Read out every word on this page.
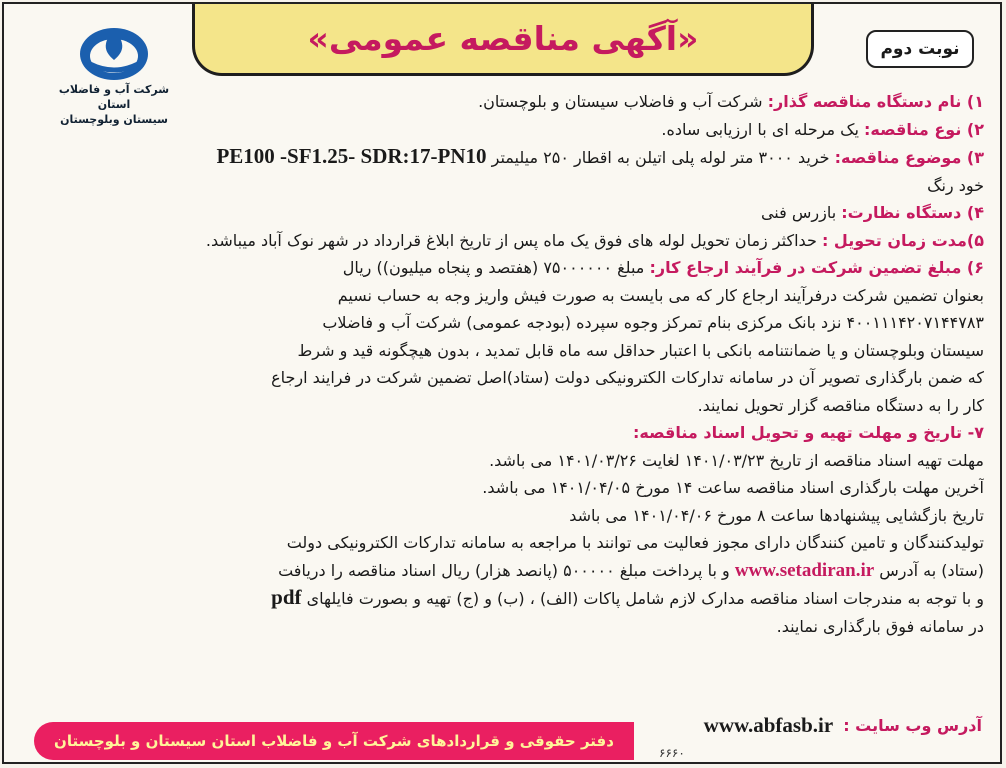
«آگهی مناقصه عمومی»	نوبت دوم
شرکت آب و فاضلاب استان
سیستان وبلوچستان
۱) نام دستگاه مناقصه گذار: شرکت آب و فاضلاب سیستان و بلوچستان.
۲) نوع مناقصه: یک مرحله ای با ارزیابی ساده.
۳) موضوع مناقصه: خرید ۳۰۰۰ متر لوله پلی اتیلن به اقطار ۲۵۰ میلیمتر PE100 -SF1.25- SDR:17-PN10
خود رنگ
۴) دستگاه نظارت: بازرس فنی
۵)مدت زمان تحویل : حداکثر زمان تحویل لوله های فوق یک ماه پس از تاریخ ابلاغ قرارداد در شهر نوک آباد میباشد.
۶) مبلغ تضمین شرکت در فرآیند ارجاع کار: مبلغ ۷۵۰۰۰۰۰۰ (هفتصد و پنجاه میلیون)) ریال
بعنوان تضمین شرکت درفرآیند ارجاع کار که می بایست به صورت فیش واریز وجه به حساب نسیم
۴۰۰۱۱۱۴۲۰۷۱۴۴۷۸۳ نزد بانک مرکزی بنام تمرکز وجوه سپرده (بودجه عمومی) شرکت آب و فاضلاب
سیستان وبلوچستان و یا ضمانتنامه بانکی با اعتبار حداقل سه ماه قابل تمدید ، بدون هیچگونه قید و شرط
که ضمن بارگذاری تصویر آن در سامانه تدارکات الکترونیکی دولت (ستاد)اصل تضمین شرکت در فرایند ارجاع
کار را به دستگاه مناقصه گزار تحویل نمایند.
۷- تاریخ و مهلت تهیه و تحویل اسناد مناقصه:
مهلت تهیه اسناد مناقصه از تاریخ ۱۴۰۱/۰۳/۲۳ لغایت ۱۴۰۱/۰۳/۲۶ می باشد.
آخرین مهلت بارگذاری اسناد مناقصه ساعت ۱۴ مورخ ۱۴۰۱/۰۴/۰۵ می باشد.
تاریخ بازگشایی پیشنهادها ساعت ۸ مورخ ۱۴۰۱/۰۴/۰۶ می باشد
تولیدکنندگان و تامین کنندگان دارای مجوز فعالیت می توانند با مراجعه به سامانه تدارکات الکترونیکی دولت
(ستاد) به آدرس www.setadiran.ir و با پرداخت مبلغ ۵۰۰۰۰۰ (پانصد هزار) ریال اسناد مناقصه را دریافت
و با توجه به مندرجات اسناد مناقصه مدارک لازم شامل پاکات (الف) ، (ب) و (ج) تهیه و بصورت فایلهای pdf
در سامانه فوق بارگذاری نمایند.
آدرس وب سایت :
www.abfasb.ir
دفتر حقوقی و قراردادهای شرکت آب و فاضلاب استان سیستان و بلوچستان
۶۶۶۰
